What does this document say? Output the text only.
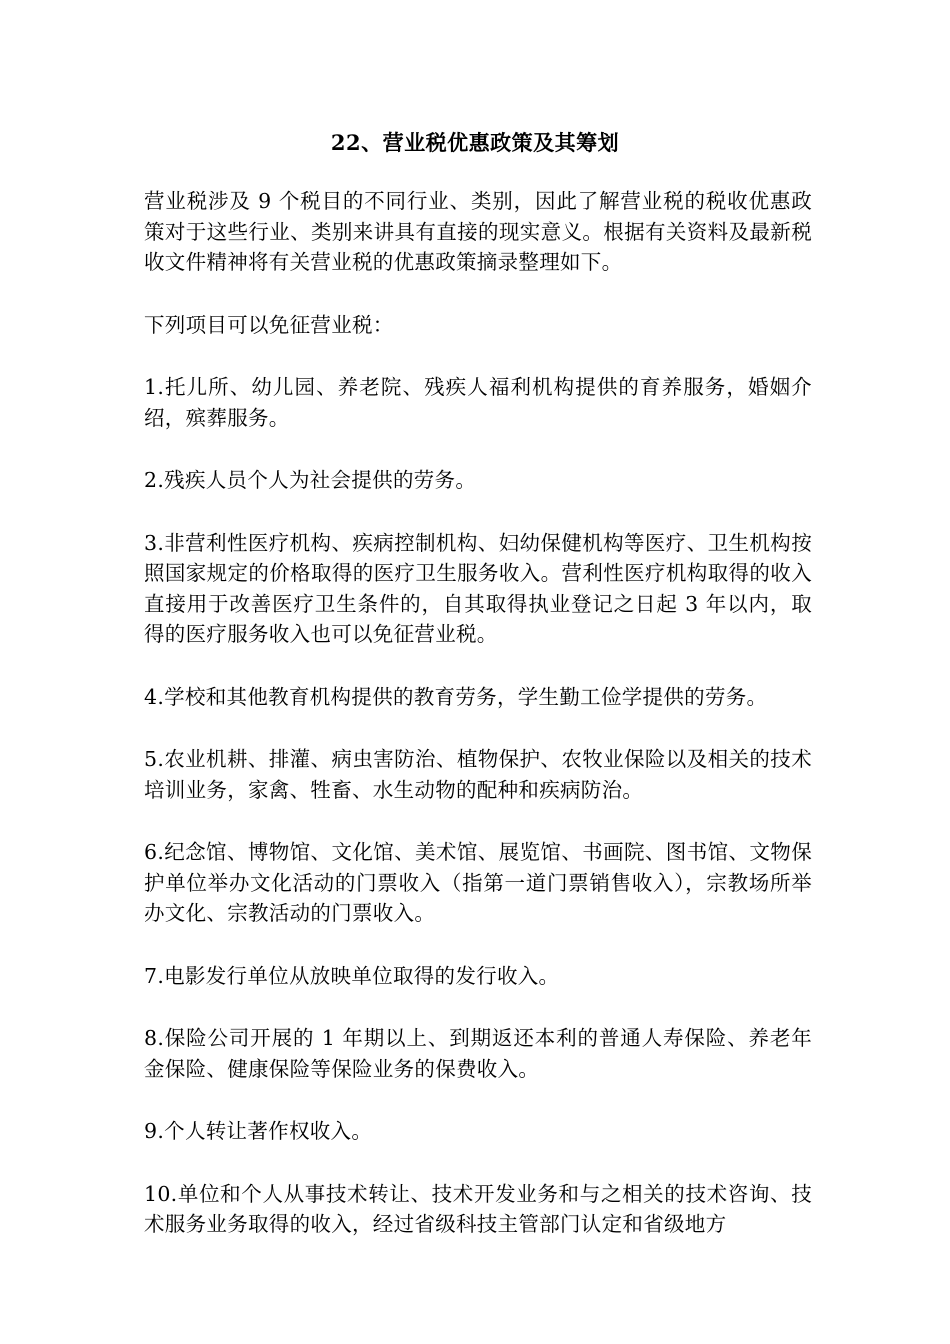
22、营业税优惠政策及其筹划

营业税涉及 9 个税目的不同行业、类别，因此了解营业税的税收优惠政策对于这些行业、类别来讲具有直接的现实意义。根据有关资料及最新税收文件精神将有关营业税的优惠政策摘录整理如下。

下列项目可以免征营业税：

1.托儿所、幼儿园、养老院、残疾人福利机构提供的育养服务，婚姻介绍，殡葬服务。

2.残疾人员个人为社会提供的劳务。

3.非营利性医疗机构、疾病控制机构、妇幼保健机构等医疗、卫生机构按照国家规定的价格取得的医疗卫生服务收入。营利性医疗机构取得的收入直接用于改善医疗卫生条件的，自其取得执业登记之日起 3 年以内，取得的医疗服务收入也可以免征营业税。

4.学校和其他教育机构提供的教育劳务，学生勤工俭学提供的劳务。

5.农业机耕、排灌、病虫害防治、植物保护、农牧业保险以及相关的技术培训业务，家禽、牲畜、水生动物的配种和疾病防治。

6.纪念馆、博物馆、文化馆、美术馆、展览馆、书画院、图书馆、文物保护单位举办文化活动的门票收入（指第一道门票销售收入），宗教场所举办文化、宗教活动的门票收入。

7.电影发行单位从放映单位取得的发行收入。

8.保险公司开展的 1 年期以上、到期返还本利的普通人寿保险、养老年金保险、健康保险等保险业务的保费收入。

9.个人转让著作权收入。

10.单位和个人从事技术转让、技术开发业务和与之相关的技术咨询、技术服务业务取得的收入，经过省级科技主管部门认定和省级地方
